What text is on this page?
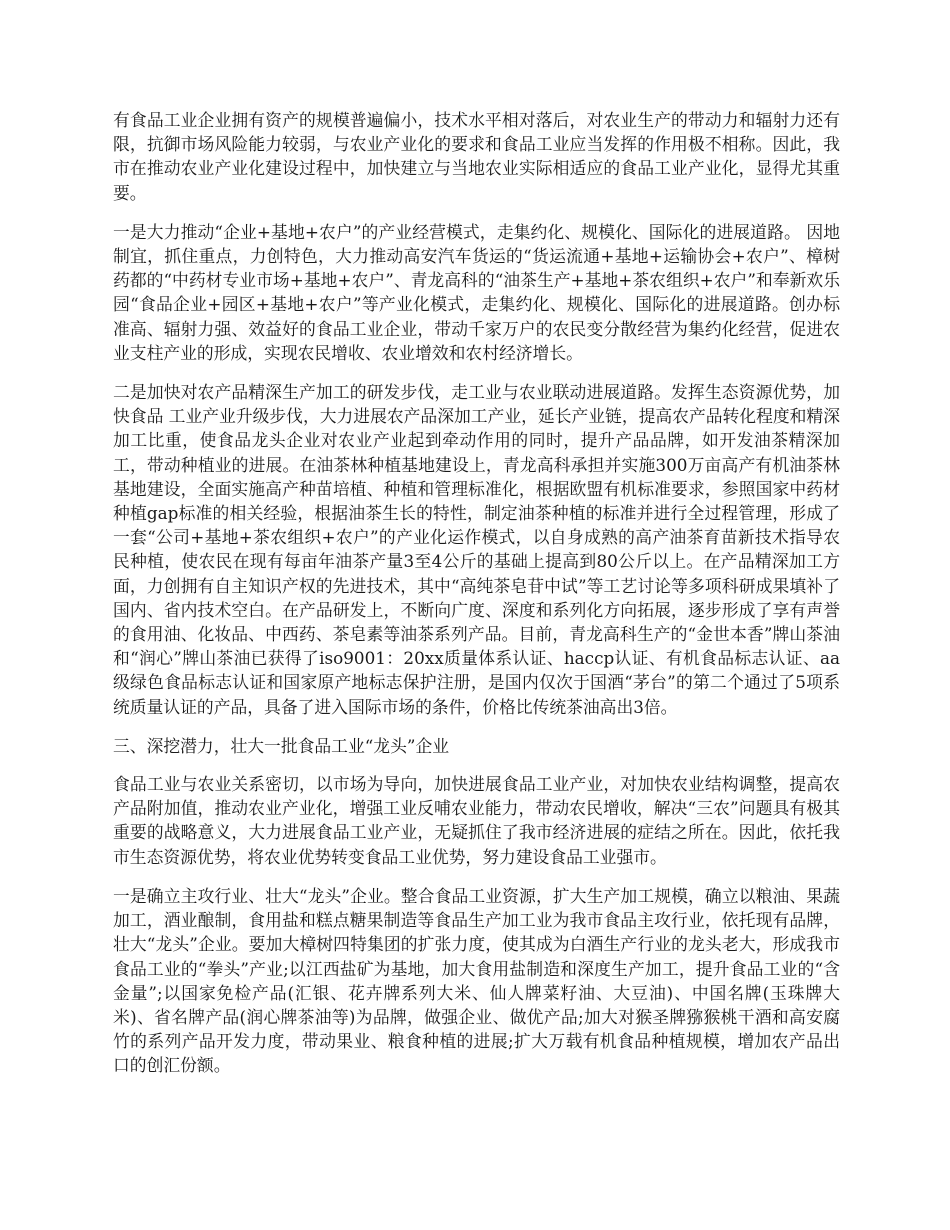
有食品工业企业拥有资产的规模普遍偏小，技术水平相对落后，对农业生产的带动力和辐射力还有限，抗御市场风险能力较弱，与农业产业化的要求和食品工业应当发挥的作用极不相称。因此，我市在推动农业产业化建设过程中，加快建立与当地农业实际相适应的食品工业产业化，显得尤其重要。

一是大力推动“企业+基地+农户”的产业经营模式，走集约化、规模化、国际化的进展道路。 因地制宜，抓住重点，力创特色，大力推动高安汽车货运的“货运流通+基地+运输协会+农户”、樟树药都的“中药材专业市场+基地+农户”、青龙高科的“油茶生产+基地+茶农组织+农户”和奉新欢乐园“食品企业+园区+基地+农户”等产业化模式，走集约化、规模化、国际化的进展道路。创办标准高、辐射力强、效益好的食品工业企业，带动千家万户的农民变分散经营为集约化经营，促进农业支柱产业的形成，实现农民增收、农业增效和农村经济增长。

二是加快对农产品精深生产加工的研发步伐，走工业与农业联动进展道路。发挥生态资源优势，加快食品 工业产业升级步伐，大力进展农产品深加工产业，延长产业链，提高农产品转化程度和精深加工比重，使食品龙头企业对农业产业起到牵动作用的同时，提升产品品牌，如开发油茶精深加工，带动种植业的进展。在油茶林种植基地建设上，青龙高科承担并实施300万亩高产有机油茶林基地建设，全面实施高产种苗培植、种植和管理标准化，根据欧盟有机标准要求，参照国家中药材种植gap标准的相关经验，根据油茶生长的特性，制定油茶种植的标准并进行全过程管理，形成了一套“公司+基地+茶农组织+农户”的产业化运作模式，以自身成熟的高产油茶育苗新技术指导农民种植，使农民在现有每亩年油茶产量3至4公斤的基础上提高到80公斤以上。在产品精深加工方面，力创拥有自主知识产权的先进技术，其中“高纯茶皂苷中试”等工艺讨论等多项科研成果填补了国内、省内技术空白。在产品研发上，不断向广度、深度和系列化方向拓展，逐步形成了享有声誉的食用油、化妆品、中西药、茶皂素等油茶系列产品。目前，青龙高科生产的“金世本香”牌山茶油和“润心”牌山茶油已获得了iso9001：20xx质量体系认证、haccp认证、有机食品标志认证、aa级绿色食品标志认证和国家原产地标志保护注册，是国内仅次于国酒“茅台”的第二个通过了5项系统质量认证的产品，具备了进入国际市场的条件，价格比传统茶油高出3倍。

三、深挖潜力，壮大一批食品工业“龙头”企业

食品工业与农业关系密切，以市场为导向，加快进展食品工业产业，对加快农业结构调整，提高农产品附加值，推动农业产业化，增强工业反哺农业能力，带动农民增收，解决“三农”问题具有极其重要的战略意义，大力进展食品工业产业，无疑抓住了我市经济进展的症结之所在。因此，依托我市生态资源优势，将农业优势转变食品工业优势，努力建设食品工业强市。

一是确立主攻行业、壮大“龙头”企业。整合食品工业资源，扩大生产加工规模，确立以粮油、果蔬加工，酒业酿制，食用盐和糕点糖果制造等食品生产加工业为我市食品主攻行业，依托现有品牌，壮大“龙头”企业。要加大樟树四特集团的扩张力度，使其成为白酒生产行业的龙头老大，形成我市食品工业的“拳头”产业;以江西盐矿为基地，加大食用盐制造和深度生产加工，提升食品工业的“含金量”;以国家免检产品(汇银、花卉牌系列大米、仙人牌菜籽油、大豆油)、中国名牌(玉珠牌大米)、省名牌产品(润心牌茶油等)为品牌，做强企业、做优产品;加大对猴圣牌猕猴桃干酒和高安腐竹的系列产品开发力度，带动果业、粮食种植的进展;扩大万载有机食品种植规模，增加农产品出口的创汇份额。
